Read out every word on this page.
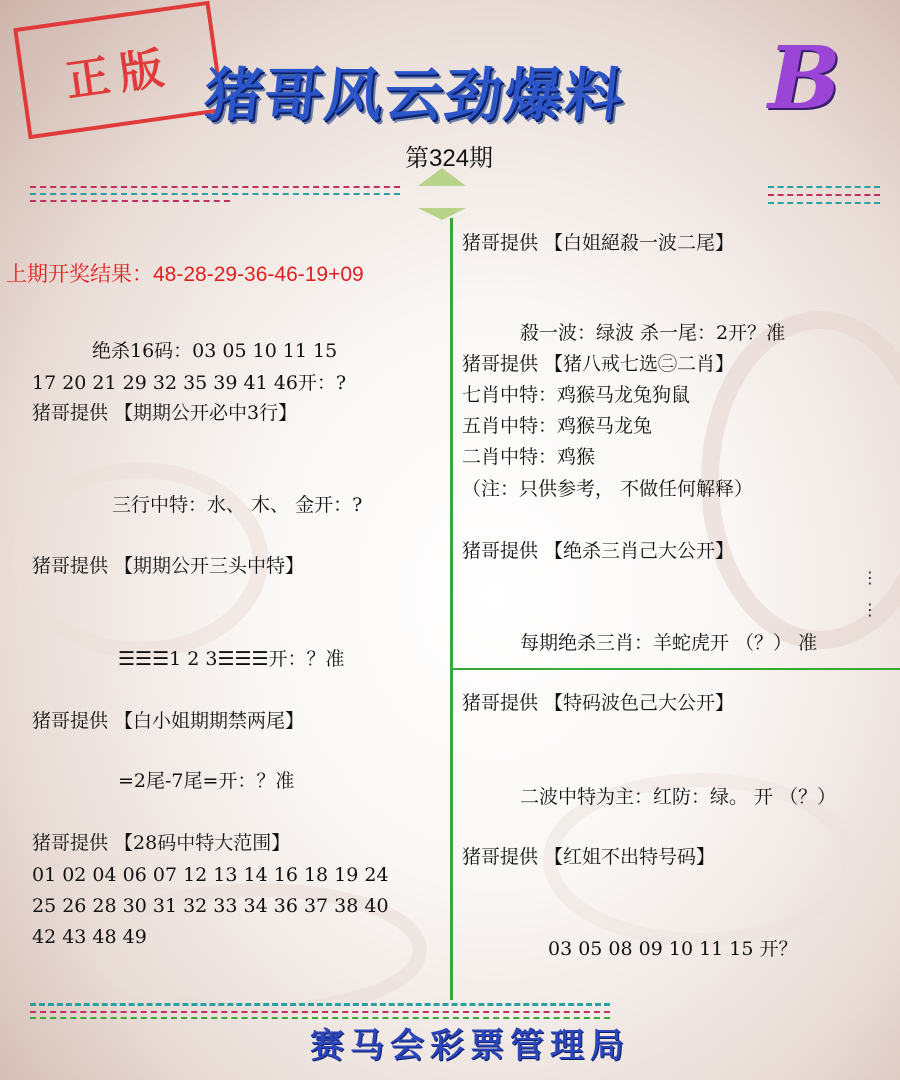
正版 猪哥风云劲爆料 B
第324期
上期开奖结果：48-28-29-36-46-19+09
绝杀16码：03 05 10 11 15
17 20 21 29 32 35 39 41 46开：?
猪哥提供 【期期公开必中3行】
三行中特：水、 木、 金开：?
猪哥提供 【期期公开三头中特】
☰☰☰1 2 3☰☰☰开：？准
猪哥提供 【白小姐期期禁两尾】
=2尾-7尾=开：？准
猪哥提供 【28码中特大范围】
01 02 04 06 07 12 13 14 16 18 19 24
25 26 28 30 31 32 33 34 36 37 38 40
42 43 48 49
猪哥提供 【白姐絕殺一波二尾】
殺一波：绿波 杀一尾：2开？准
猪哥提供 【猪八戒七选㊁二肖】
七肖中特：鸡猴马龙兔狗鼠
五肖中特：鸡猴马龙兔
二肖中特：鸡猴
（注：只供参考， 不做任何解释）
猪哥提供 【绝杀三肖己大公开】
⋮
⋮
每期绝杀三肖：羊蛇虎开 （？） 准
猪哥提供 【特码波色己大公开】
二波中特为主：红防：绿。 开 （？）
猪哥提供 【红姐不出特号码】
03 05 08 09 10 11 15 开？
赛马会彩票管理局
